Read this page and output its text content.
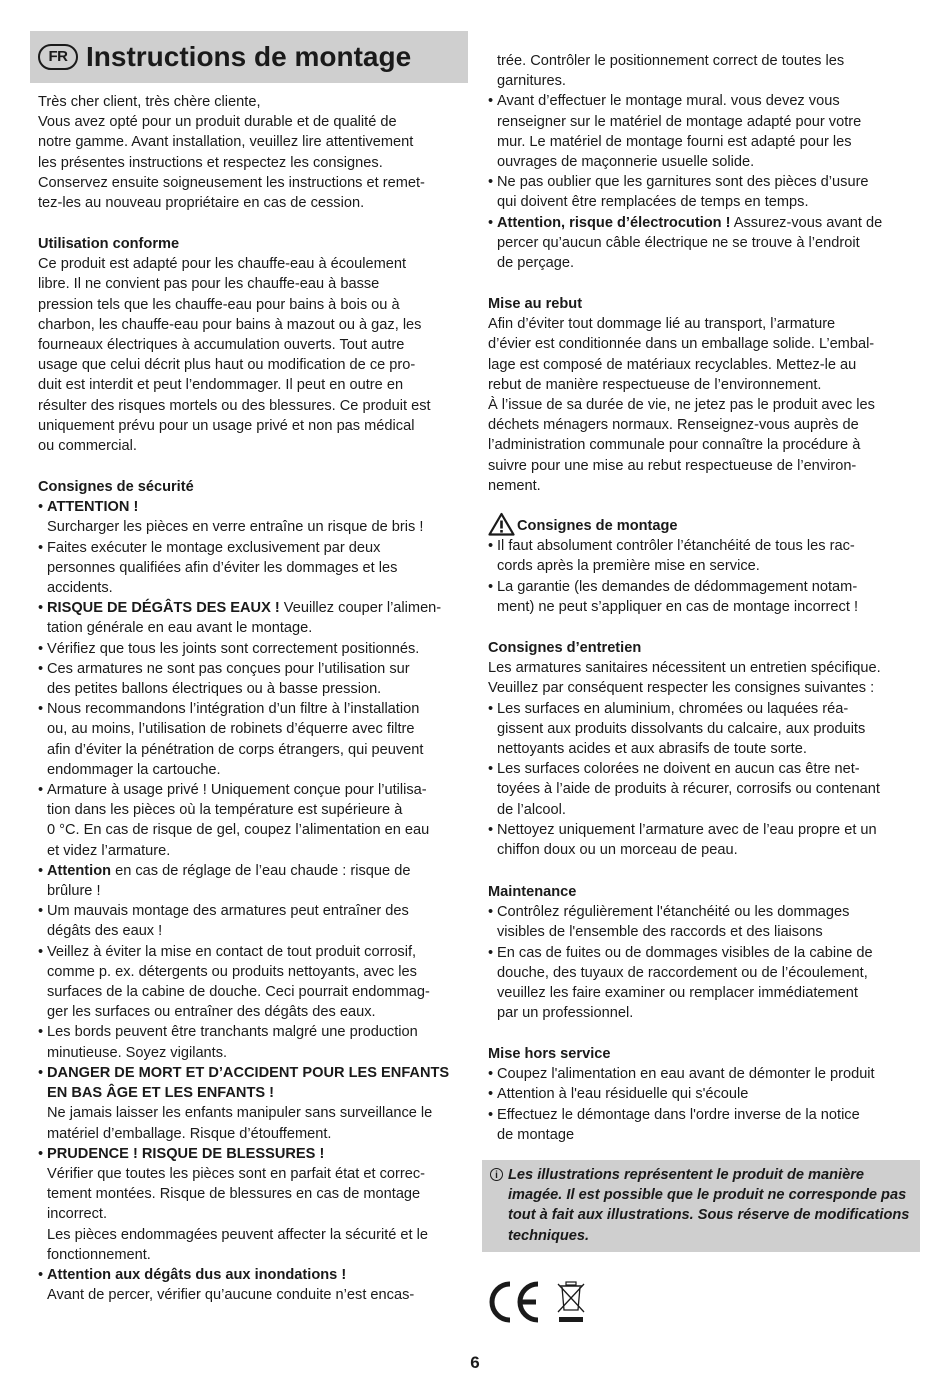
FR Instructions de montage

Très cher client, très chère cliente,

Vous avez opté pour un produit durable et de qualité de

notre gamme. Avant installation, veuillez lire attentivement

les présentes instructions et respectez les consignes.

Conservez ensuite soigneusement les instructions et remet-

tez-les au nouveau propriétaire en cas de cession.

Utilisation conforme

Ce produit est adapté pour les chauffe-eau à écoulement

libre. Il ne convient pas pour les chauffe-eau à basse

pression tels que les chauffe-eau pour bains à bois ou à

charbon, les chauffe-eau pour bains à mazout ou à gaz, les

fourneaux électriques à accumulation ouverts. Tout autre

usage que celui décrit plus haut ou modification de ce pro-

duit est interdit et peut l’endommager. Il peut en outre en

résulter des risques mortels ou des blessures. Ce produit est

uniquement prévu pour un usage privé et non pas médical

ou commercial.

Consignes de sécurité

• ATTENTION !

Surcharger les pièces en verre entraîne un risque de bris !

• Faites exécuter le montage exclusivement par deux

personnes qualifiées afin d’éviter les dommages et les

accidents.

• RISQUE DE DÉGÂTS DES EAUX ! Veuillez couper l’alimen-

tation générale en eau avant le montage.

• Vérifiez que tous les joints sont correctement positionnés.

• Ces armatures ne sont pas conçues pour l’utilisation sur

des petites ballons électriques ou à basse pression.

• Nous recommandons l’intégration d’un filtre à l’installation

ou, au moins, l’utilisation de robinets d’équerre avec filtre

afin d’éviter la pénétration de corps étrangers, qui peuvent

endommager la cartouche.

• Armature à usage privé ! Uniquement conçue pour l’utilisa-

tion dans les pièces où la température est supérieure à

0 °C. En cas de risque de gel, coupez l’alimentation en eau

et videz l’armature.

• Attention en cas de réglage de l’eau chaude : risque de

brûlure !

• Um mauvais montage des armatures peut entraîner des

dégâts des eaux !

• Veillez à éviter la mise en contact de tout produit corrosif,

comme p. ex. détergents ou produits nettoyants, avec les

surfaces de la cabine de douche. Ceci pourrait endommag-

ger les surfaces ou entraîner des dégâts des eaux.

• Les bords peuvent être tranchants malgré une production

minutieuse. Soyez vigilants.

• DANGER DE MORT ET D’ACCIDENT POUR LES ENFANTS

EN BAS ÂGE ET LES ENFANTS !

Ne jamais laisser les enfants manipuler sans surveillance le

matériel d’emballage. Risque d’étouffement.

• PRUDENCE ! RISQUE DE BLESSURES !

Vérifier que toutes les pièces sont en parfait état et correc-

tement montées. Risque de blessures en cas de montage

incorrect.

Les pièces endommagées peuvent affecter la sécurité et le

fonctionnement.

• Attention aux dégâts dus aux inondations !

Avant de percer, vérifier qu’aucune conduite n’est encas-

trée. Contrôler le positionnement correct de toutes les

garnitures.

• Avant d’effectuer le montage mural. vous devez vous

renseigner sur le matériel de montage adapté pour votre

mur. Le matériel de montage fourni est adapté pour les

ouvrages de maçonnerie usuelle solide.

• Ne pas oublier que les garnitures sont des pièces d’usure

qui doivent être remplacées de temps en temps.

• Attention, risque d’électrocution ! Assurez-vous avant de

percer qu’aucun câble électrique ne se trouve à l’endroit

de perçage.

Mise au rebut

Afin d’éviter tout dommage lié au transport, l’armature

d’évier est conditionnée dans un emballage solide. L’embal-

lage est composé de matériaux recyclables. Mettez-le au

rebut de manière respectueuse de l’environnement.

À l’issue de sa durée de vie, ne jetez pas le produit avec les

déchets ménagers normaux. Renseignez-vous auprès de

l’administration communale pour connaître la procédure à

suivre pour une mise au rebut respectueuse de l’environ-

nement.

Consignes de montage

• Il faut absolument contrôler l’étanchéité de tous les rac-

cords après la première mise en service.

• La garantie (les demandes de dédommagement notam-

ment) ne peut s’appliquer en cas de montage incorrect !

Consignes d’entretien

Les armatures sanitaires nécessitent un entretien spécifique.

Veuillez par conséquent respecter les consignes suivantes :

• Les surfaces en aluminium, chromées ou laquées réa-

gissent aux produits dissolvants du calcaire, aux produits

nettoyants acides et aux abrasifs de toute sorte.

• Les surfaces colorées ne doivent en aucun cas être net-

toyées à l’aide de produits à récurer, corrosifs ou contenant

de l’alcool.

• Nettoyez uniquement l’armature avec de l’eau propre et un

chiffon doux ou un morceau de peau.

Maintenance

• Contrôlez régulièrement l'étanchéité ou les dommages

visibles de l'ensemble des raccords et des liaisons

• En cas de fuites ou de dommages visibles de la cabine de

douche, des tuyaux de raccordement ou de l’écoulement,

veuillez les faire examiner ou remplacer immédiatement

par un professionnel.

Mise hors service

• Coupez l'alimentation en eau avant de démonter le produit

• Attention à l'eau résiduelle qui s'écoule

• Effectuez le démontage dans l'ordre inverse de la notice

de montage

i Les illustrations représentent le produit de manière

imagée. Il est possible que le produit ne corresponde pas

tout à fait aux illustrations. Sous réserve de modifications

techniques.

6
